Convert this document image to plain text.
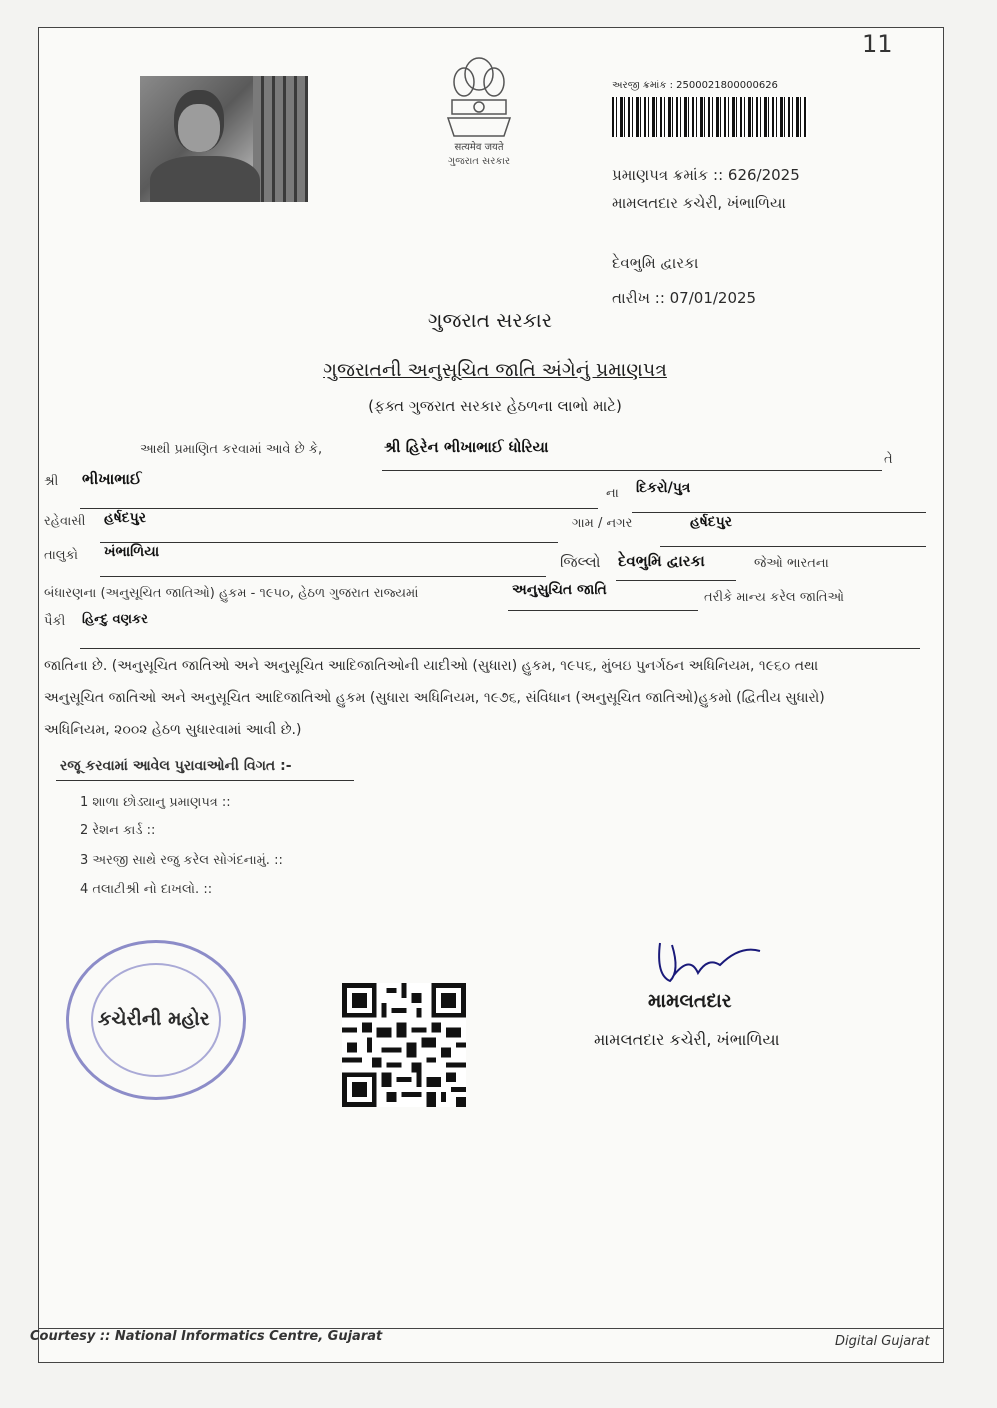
11
सत्यमेव जयते
ગુજરાત સરકાર
અરજી ક્રમાંક : 2500021800000626
પ્રમાણપત્ર ક્રમાંક :: 626/2025
મામલતદાર કચેરી, ખંભાળિયા
દેવભુમિ દ્વારકા
તારીખ :: 07/01/2025
ગુજરાત સરકાર
ગુજરાતની અનુસૂચિત જાતિ અંગેનું પ્રમાણપત્ર
(ફક્ત ગુજરાત સરકાર હેઠળના લાભો માટે)
આથી પ્રમાણિત કરવામાં આવે છે કે,	શ્રી હિરેન ભીખાભાઈ ધોરિયા
તે
શ્રી ભીખાભાઈ
ના દિકરો/પુત્ર
રહેવાસી હર્ષદપુર	ગામ / નગર	હર્ષદપુર
તાલુકો ખંભાળિયા
જિલ્લો દેવભુમિ દ્વારકા	જેઓ ભારતના
બંધારણના (અનુસૂચિત જાતિઓ) હુકમ - ૧૯૫૦, હેઠળ ગુજરાત રાજ્યમાં	અનુસુચિત જાતિ	તરીકે માન્ય કરેલ જાતિઓ
પૈકી હિન્દુ વણકર
જાતિના છે. (અનુસૂચિત જાતિઓ અને અનુસૂચિત આદિજાતિઓની યાદીઓ (સુધારા) હુકમ, ૧૯૫૬, મુંબઇ પુનર્ગઠન અધિનિયમ, ૧૯૬૦ તથા
અનુસૂચિત જાતિઓ અને અનુસૂચિત આદિજાતિઓ હુકમ (સુધારા અધિનિયમ, ૧૯૭૬, સંવિધાન (અનુસૂચિત જાતિઓ)હુકમો (દ્વિતીય સુધારો)
અધિનિયમ, ૨૦૦૨ હેઠળ સુધારવામાં આવી છે.)
રજૂ કરવામાં આવેલ પુરાવાઓની વિગત :-
1 શાળા છોડ્યાનુ પ્રમાણપત્ર ::
2 રેશન કાર્ડ ::
3 અરજી સાથે રજુ કરેલ સોગંદનામું. ::
4 તલાટીશ્રી નો દાખલો. ::
કચેરીની મહોર
મામલતદાર
મામલતદાર કચેરી, ખંભાળિયા
Courtesy :: National Informatics Centre, Gujarat	Digital Gujarat
